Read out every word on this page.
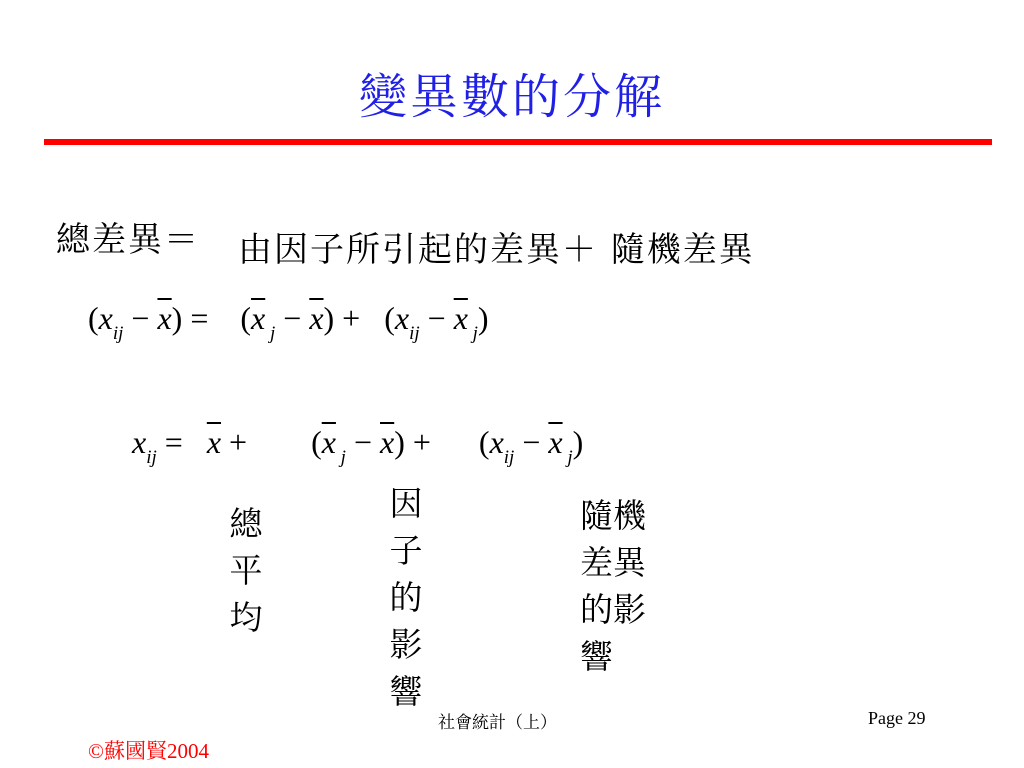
變異數的分解
總差異＝ 由因子所引起的差異＋ 隨機差異
$(x_{ij} - \overline{x})$ =    ($\overline{x}$ $_j - \overline{x}) + (x_{ij} - \overline{x}$ $_j$)
$x_{ij} = \overline{x}$ +        ($\overline{x}$ $_j - \overline{x}$) +      ($x_{ij} - \overline{x}$ $_j$)
總平均
因子的影響
隨機
差異
的影
響
社會統計（上）	Page 29
©蘇國賢2004
